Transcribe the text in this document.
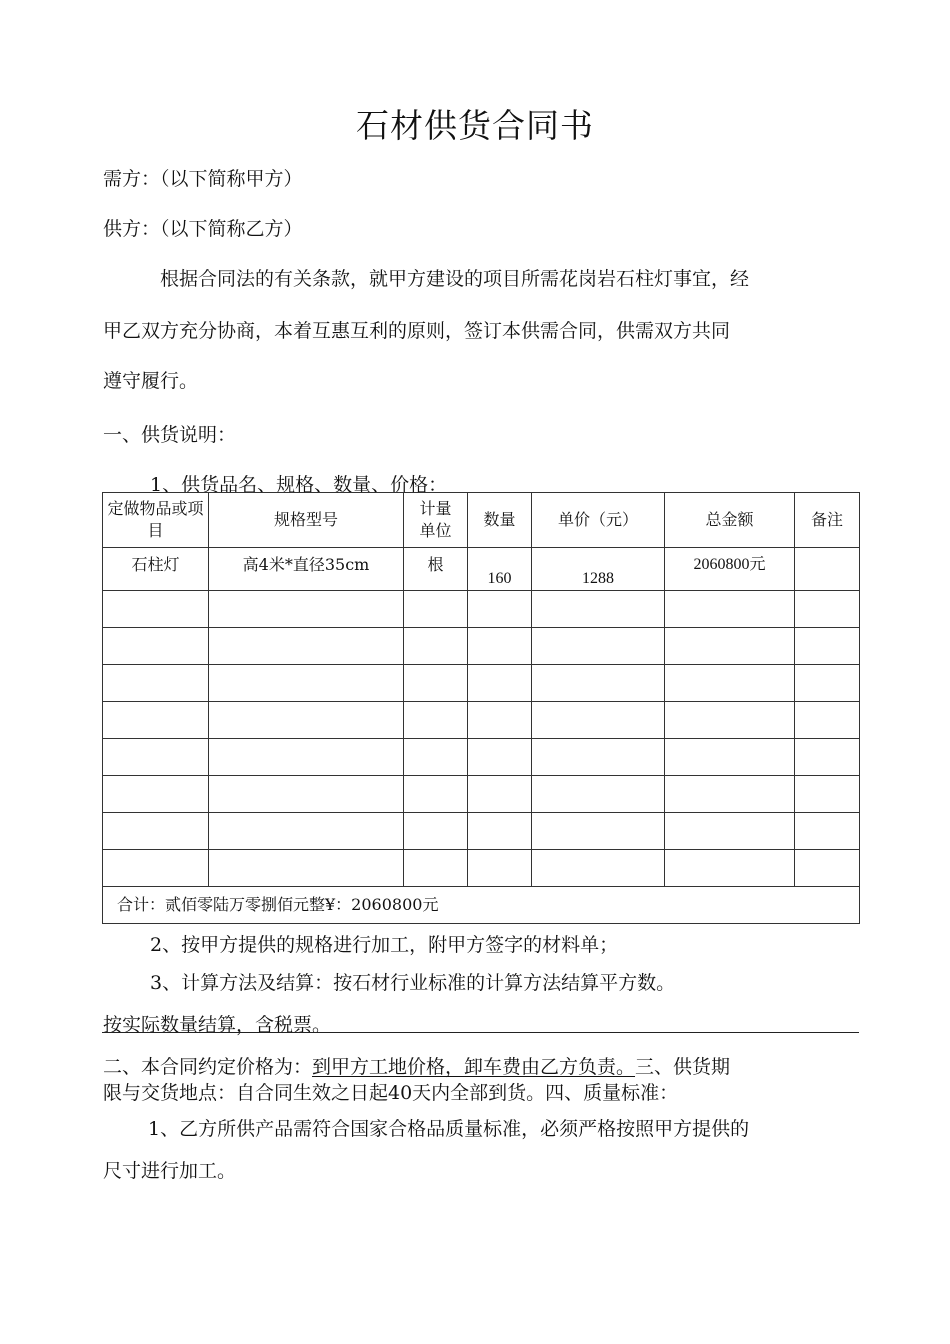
石材供货合同书
需方：（以下简称甲方）
供方：（以下简称乙方）
根据合同法的有关条款，就甲方建设的项目所需花岗岩石柱灯事宜，经
甲乙双方充分协商，本着互惠互利的原则，签订本供需合同，供需双方共同
遵守履行。
一、供货说明：
1、供货品名、规格、数量、价格：
定做物品或项目	规格型号	计量单位	数量	单价（元）	总金额	备注
石柱灯	高4米*直径35cm	根	160	1288	2060800元	

合计：贰佰零陆万零捌佰元整¥：2060800元						
2、按甲方提供的规格进行加工，附甲方签字的材料单；
3、计算方法及结算：按石材行业标准的计算方法结算平方数。
按实际数量结算，含税票。
二、本合同约定价格为：到甲方工地价格，卸车费由乙方负责。三、供货期
限与交货地点：自合同生效之日起40天内全部到货。四、质量标准：
1、乙方所供产品需符合国家合格品质量标准，必须严格按照甲方提供的
尺寸进行加工。
